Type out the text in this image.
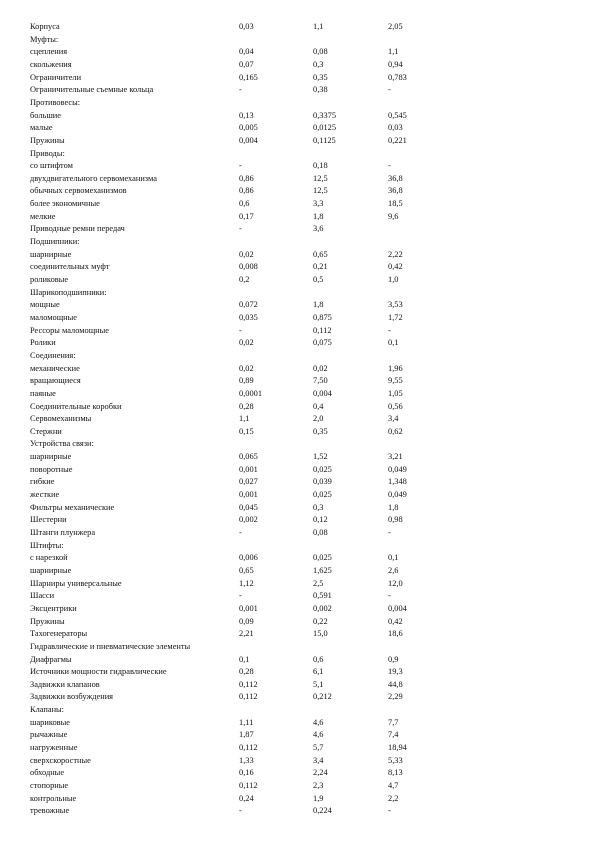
Корпуса	0,03	1,1	2,05
Муфты:
сцепления	0,04	0,08	1,1
скольжения	0,07	0,3	0,94
Ограничители	0,165	0,35	0,783
Ограничительные съемные кольца	-	0,38	-
Противовесы:
большие	0,13	0,3375	0,545
малые	0,005	0,0125	0,03
Пружины	0,004	0,1125	0,221
Приводы:
со штифтом	-	0,18	-
двухдвигательного сервомеханизма	0,86	12,5	36,8
обычных сервомеханизмов	0,86	12,5	36,8
более экономичные	0,6	3,3	18,5
мелкие	0,17	1,8	9,6
Приводные ремни передач	-	3,6
Подшипники:
шарнирные	0,02	0,65	2,22
соединительных муфт	0,008	0,21	0,42
роликовые	0,2	0,5	1,0
Шарикоподшипники:
мощные	0,072	1,8	3,53
маломощные	0,035	0,875	1,72
Рессоры маломощные	-	0,112	-
Ролики	0,02	0,075	0,1
Соединения:
механические	0,02	0,02	1,96
вращающиеся	0,89	7,50	9,55
паяные	0,0001	0,004	1,05
Соединительные коробки	0,28	0,4	0,56
Сервомеханизмы	1,1	2,0	3,4
Стержни	0,15	0,35	0,62
Устройства связи:
шарнирные	0,065	1,52	3,21
поворотные	0,001	0,025	0,049
гибкие	0,027	0,039	1,348
жесткие	0,001	0,025	0,049
Фильтры механические	0,045	0,3	1,8
Шестерни	0,002	0,12	0,98
Штанги плунжера	-	0,08	-
Штифты:
с нарезкой	0,006	0,025	0,1
шарнирные	0,65	1,625	2,6
Шарниры универсальные	1,12	2,5	12,0
Шасси	-	0,591	-
Эксцентрики	0,001	0,002	0,004
Пружины	0,09	0,22	0,42
Тахогенераторы	2,21	15,0	18,6
Гидравлические и пневматические элементы
Диафрагмы	0,1	0,6	0,9
Источники мощности гидравлические	0,28	6,1	19,3
Задвижки клапанов	0,112	5,1	44,8
Задвижки возбуждения	0,112	0,212	2,29
Клапаны:
шариковые	1,11	4,6	7,7
рычажные	1,87	4,6	7,4
нагруженные	0,112	5,7	18,94
сверхскоростные	1,33	3,4	5,33
обходные	0,16	2,24	8,13
стопорные	0,112	2,3	4,7
контрольные	0,24	1,9	2,2
тревожные	-	0,224	-
